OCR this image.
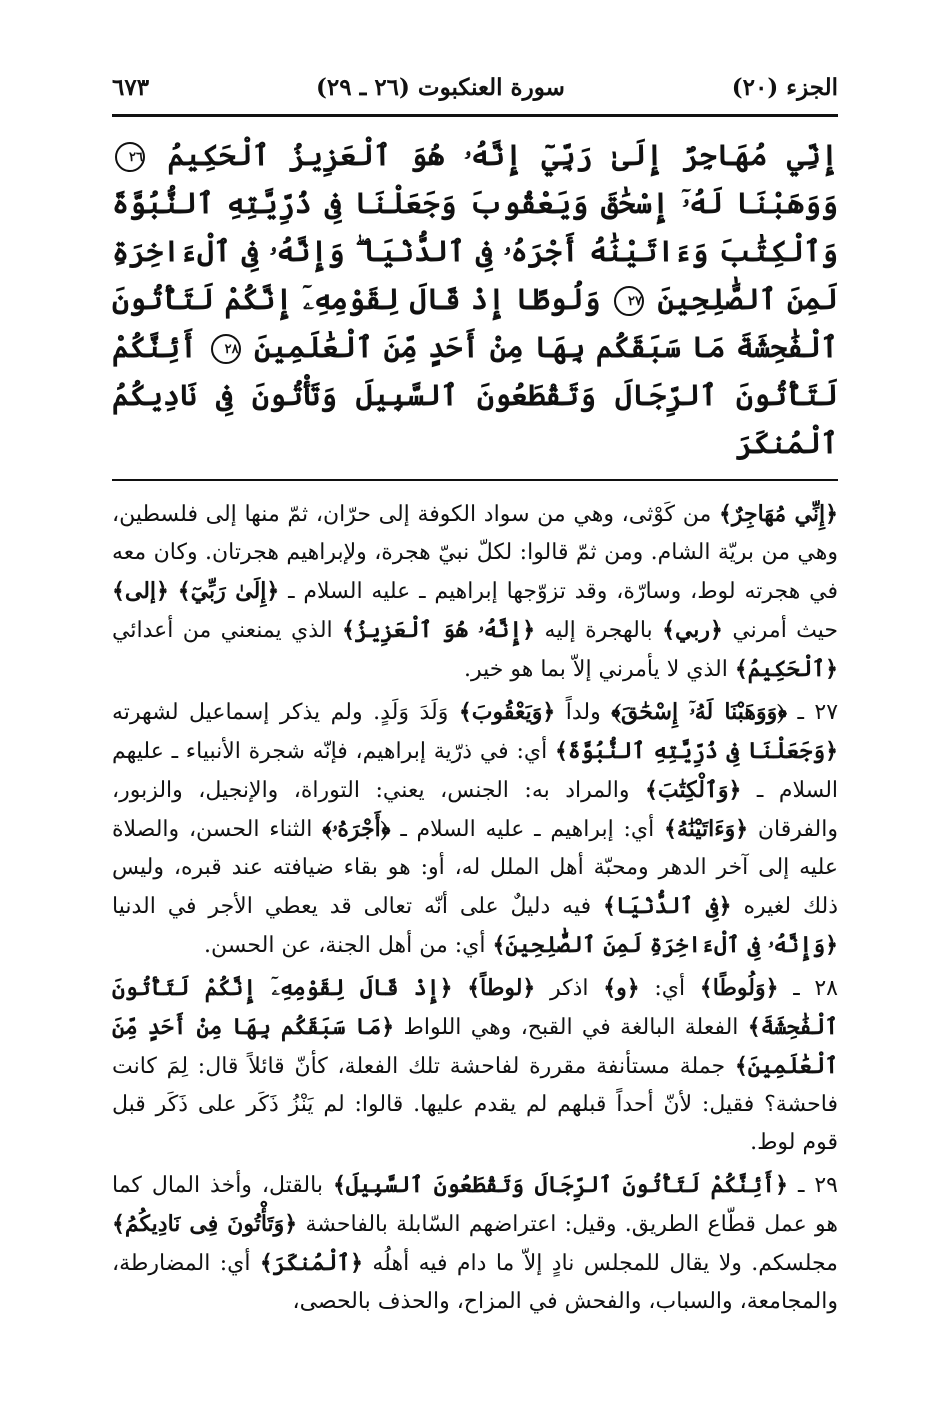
الجزء (٢٠)
سورة العنكبوت (٢٦ ـ ٢٩)
٦٧٣
إِنِّي مُهَاجِرٌ إِلَىٰ رَبِّيٓ إِنَّهُۥ هُوَ ٱلْعَزِيزُ ٱلْحَكِيمُ ٢٦ وَوَهَبْنَا لَهُۥٓ إِسْحَٰقَ وَيَعْقُوبَ وَجَعَلْنَا فِى ذُرِّيَّتِهِ ٱلنُّبُوَّةَ وَٱلْكِتَٰبَ وَءَاتَيْنَٰهُ أَجْرَهُۥ فِى ٱلدُّنْيَا ۖ وَإِنَّهُۥ فِى ٱلْءَاخِرَةِ لَمِنَ ٱلصَّٰلِحِينَ ٢٧ وَلُوطًا إِذْ قَالَ لِقَوْمِهِۦٓ إِنَّكُمْ لَتَأْتُونَ ٱلْفَٰحِشَةَ مَا سَبَقَكُم بِهَا مِنْ أَحَدٍ مِّنَ ٱلْعَٰلَمِينَ ٢٨ أَئِنَّكُمْ لَتَأْتُونَ ٱلرِّجَالَ وَتَقْطَعُونَ ٱلسَّبِيلَ وَتَأْتُونَ فِى نَادِيكُمُ ٱلْمُنكَرَ

﴿إِنِّي مُهَاجِرٌ﴾ من كَوْثى، وهي من سواد الكوفة إلى حرّان، ثمّ منها إلى فلسطين، وهي من بريّة الشام. ومن ثمّ قالوا: لكلّ نبيّ هجرة، ولإبراهيم هجرتان. وكان معه في هجرته لوط، وسارّة، وقد تزوّجها إبراهيم ـ عليه السلام ـ ﴿إِلَىٰ رَبِّيٓ﴾ ﴿إلى﴾ حيث أمرني ﴿ربي﴾ بالهجرة إليه ﴿إِنَّهُۥ هُوَ ٱلْعَزِيزُ﴾ الذي يمنعني من أعدائي ﴿ٱلْحَكِيمُ﴾ الذي لا يأمرني إلاّ بما هو خير.

٢٧ ـ ﴿وَوَهَبْنَا لَهُۥٓ إِسْحَٰقَ﴾ ولداً ﴿وَيَعْقُوبَ﴾ وَلَدَ وَلَدٍ. ولم يذكر إسماعيل لشهرته ﴿وَجَعَلْنَا فِى ذُرِّيَّتِهِ ٱلنُّبُوَّةَ﴾ أي: في ذرّية إبراهيم، فإنّه شجرة الأنبياء ـ عليهم السلام ـ ﴿وَٱلْكِتَٰبَ﴾ والمراد به: الجنس، يعني: التوراة، والإنجيل، والزبور، والفرقان ﴿وَءَاتَيْنَٰهُ﴾ أي: إبراهيم ـ عليه السلام ـ ﴿أَجْرَهُۥ﴾ الثناء الحسن، والصلاة عليه إلى آخر الدهر ومحبّة أهل الملل له، أو: هو بقاء ضيافته عند قبره، وليس ذلك لغيره ﴿فِى ٱلدُّنْيَا﴾ فيه دليلٌ على أنّه تعالى قد يعطي الأجر في الدنيا ﴿وَإِنَّهُۥ فِى ٱلْءَاخِرَةِ لَمِنَ ٱلصَّٰلِحِينَ﴾ أي: من أهل الجنة، عن الحسن.

٢٨ ـ ﴿وَلُوطًا﴾ أي: ﴿و﴾ اذكر ﴿لوطاً﴾ ﴿إِذْ قَالَ لِقَوْمِهِۦٓ إِنَّكُمْ لَتَأْتُونَ ٱلْفَٰحِشَةَ﴾ الفعلة البالغة في القبح، وهي اللواط ﴿مَا سَبَقَكُم بِهَا مِنْ أَحَدٍ مِّنَ ٱلْعَٰلَمِينَ﴾ جملة مستأنفة مقررة لفاحشة تلك الفعلة، كأنّ قائلاً قال: لِمَ كانت فاحشة؟ فقيل: لأنّ أحداً قبلهم لم يقدم عليها. قالوا: لم يَنْزُ ذَكَر على ذَكَر قبل قوم لوط.

٢٩ ـ ﴿أَئِنَّكُمْ لَتَأْتُونَ ٱلرِّجَالَ وَتَقْطَعُونَ ٱلسَّبِيلَ﴾ بالقتل، وأخذ المال كما هو عمل قطّاع الطريق. وقيل: اعتراضهم السّابلة بالفاحشة ﴿وَتَأْتُونَ فِى نَادِيكُمُ﴾ مجلسكم. ولا يقال للمجلس نادٍ إلاّ ما دام فيه أهلُه ﴿ٱلْمُنكَرَ﴾ أي: المضارطة، والمجامعة، والسباب، والفحش في المزاح، والحذف بالحصى،
